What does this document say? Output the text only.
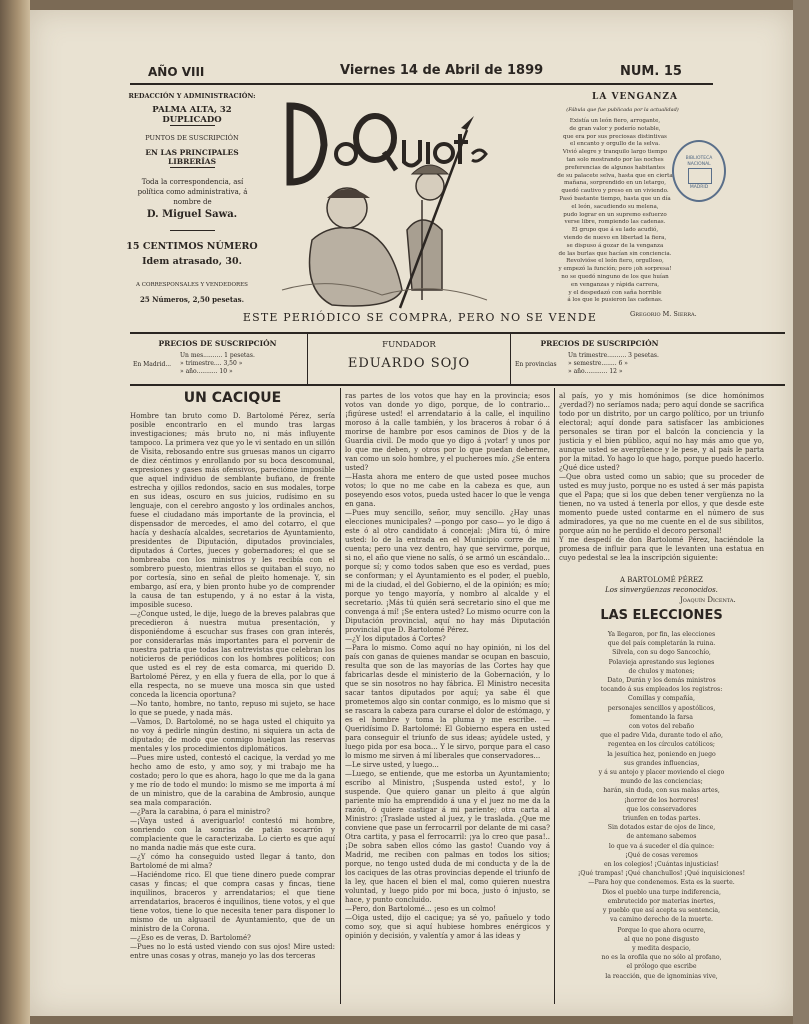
AÑO VIII	Viernes 14 de Abril de 1899	NUM. 15
REDACCIÓN Y ADMINISTRACIÓN:
PALMA ALTA, 32 DUPLICADO
PUNTOS DE SUSCRIPCIÓN
EN LAS PRINCIPALES LIBRERÍAS
Toda la correspondencia, así política como administrativa, á nombre de
D. Miguel Sawa.
15 CENTIMOS NÚMERO
Idem atrasado, 30.
A CORRESPONSALES Y VENDEDORES
25 Números, 2,50 pesetas.
LA VENGANZA
(Fábula que fue publicada por la actualidad)
Existía un león fiero, arrogante,
de gran valor y poderío notable,
que era por sus preciosas distintivas
el encanto y orgullo de la selva.
Vivió alegre y tranquilo largo tiempo
tan solo mostrando por las noches
preferencias de algunos habitantes
de su palacete selva, hasta que en cierta
mañana, sorprendido en un letargo,
quedó cautivo y preso en un viviendo.
Pasó bastante tiempo, hasta que un día
el león, sacudiendo su melena,
pudo lograr en un supremo esfuerzo
verse libre, rompiendo las cadenas.
El grupo que á su lado acudió,
viendo de nuevo en libertad la fiera,
se dispuso á gozar de la venganza
de las burlas que hacían sin conciencia.
Revolvióse el león fiero, orgulloso,
y empezó la función; pero ¡oh sorpresa!
no se quedó ninguno de los que huían
en venganzas y rápida carrera,
y el despedazó con saña horrible
á los que le pusieron las cadenas.
Gregorio M. Sierra.
BIBLIOTECA NACIONAL
MADRID
ESTE PERIÓDICO SE COMPRA, PERO NO SE VENDE
PRECIOS DE SUSCRIPCIÓN
En Madrid...
Un mes.......... 1 pesetas.
» trimestre.... 3,50 »
» año........... 10 »
FUNDADOR
EDUARDO SOJO
PRECIOS DE SUSCRIPCIÓN
En provincias
Un trimestre.......... 3 pesetas.
» semestre........ 6 »
» año............ 12 »
UN CACIQUE
Hombre tan bruto como D. Bartolomé Pérez, sería posible encontrarlo en el mundo tras largas investigaciones; más bruto no, ni más influyente tampoco. La primera vez que yo le vi sentado en un sillón de Visita, rebosando entre sus gruesas manos un cigarro de diez céntimos y enrollando por su boca descomunal, expresiones y gases más ofensivos, parecióme imposible que aquel individuo de semblante bufiano, de frente estrecha y ojillos redondos, sacio en sus modales, torpe en sus ideas, oscuro en sus juicios, rudísimo en su lenguaje, con el cerebro angosto y los ordinales anchos, fuese el ciudadano más importante de la provincia, el dispensador de mercedes, el amo del cotarro, el que hacía y deshacía alcaldes, secretarios de Ayuntamiento, presidentes de Diputación, diputados provinciales, diputados á Cortes, jueces y gobernadores; el que se hombreaba con los ministros y les recibía con el sombrero puesto, mientras ellos se quitaban el suyo, no por cortesía, sino en señal de pleito homenaje. Y, sin embargo, así era, y bien pronto hube yo de comprender la causa de tan estupendo, y á no estar á la vista, imposible suceso.
—¿Conque usted, le dije, luego de la breves palabras que precedieron á nuestra mutua presentación, y disponiéndome á escuchar sus frases con gran interés, por considerarlas más importantes para el porvenir de nuestra patria que todas las entrevistas que celebran los noticieros de periódicos con los hombres políticos; con que usted es el rey de esta comarca, mi querido D. Bartolomé Pérez, y en ella y fuera de ella, por lo que á ella respecta, no se mueve una mosca sin que usted conceda la licencia oportuna?
—No tanto, hombre, no tanto, repuso mi sujeto, se hace lo que se puede, y nada más.
—Vamos, D. Bartolomé, no se haga usted el chiquito ya no voy á pedirle ningún destino, ni siquiera un acta de diputado; de modo que conmigo huelgan las reservas mentales y los procedimientos diplomáticos.
—Pues mire usted, contestó el cacique, la verdad yo me hecho amo de esto, y amo soy, y mi trabajo me ha costado; pero lo que es ahora, hago lo que me da la gana y me río de todo el mundo: lo mismo se me importa á mí de un ministro, que de la carabina de Ambrosio, aunque sea mala comparación.
—¿Para la carabina, ó para el ministro?
—¡Vaya usted á averiguarlo! contestó mi hombre, sonriendo con la sonrisa de patán socarrón y complaciente que le caracterizaba. Lo cierto es que aquí no manda nadie más que este cura.
—¿Y cómo ha conseguido usted llegar á tanto, don Bartolomé de mi alma?
—Haciéndome rico. El que tiene dinero puede comprar casas y fincas; el que compra casas y fincas, tiene inquilinos, braceros y arrendatarios; el que tiene arrendatarios, braceros é inquilinos, tiene votos, y el que tiene votos, tiene lo que necesita tener para disponer lo mismo de un alguacil de Ayuntamiento, que de un ministro de la Corona.
—¿Eso es de veras, D. Bartolomé?
—Pues no lo está usted viendo con sus ojos! Mire usted: entre unas cosas y otras, manejo yo las dos terceras
ras partes de los votos que hay en la provincia; esos votos van donde yo digo, porque, de lo contrario... ¡figúrese usted! el arrendatario á la calle, el inquilino moroso á la calle también, y los braceros á robar ó á morirse de hambre por esos caminos de Dios y de la Guardia civil. De modo que yo digo á ¡votar! y unos por lo que me deben, y otros por lo que puedan deberme, van como un solo hombre, y el pucheroes mío. ¿Se entera usted?
—Hasta ahora me entero de que usted posee muchos votos; lo que no me cabe en la cabeza es que, aun poseyendo esos votos, pueda usted hacer lo que le venga en gana.
—Pues muy sencillo, señor, muy sencillo. ¿Hay unas elecciones municipales? —pongo por caso— yo le digo á este ó al otro candidato á concejal: ¡Mira tú, ó mire usted: lo de la entrada en el Municipio corre de mi cuenta; pero una vez dentro, hay que servirme, porque, si no, el año que viene no salís, ó se armó un escándalo... porque sí; y como todos saben que eso es verdad, pues se conforman; y el Ayuntamiento es el poder, el pueblo, mi de la ciudad, el del Gobierno, el de la opinión; es mío; porque yo tengo mayoría, y nombro al alcalde y el secretario. ¡Más tú quién será secretario sino el que me convenga á mí! ¡Se entera usted? Lo mismo ocurre con la Diputación provincial, aquí no hay más Diputación provincial que D. Bartolomé Pérez.
—¿Y los diputados á Cortes?
—Para lo mismo. Como aquí no hay opinión, ni los del país con ganas de quienes mandar se ocupan en bascuio, resulta que son de las mayorías de las Cortes hay que fabricarlas desde el ministerio de la Gobernación, y lo que se sin nosotros no hay fábrica. El Ministro necesita sacar tantos diputados por aquí; ya sabe él que prometemos algo sin contar conmigo, es lo mismo que si se rascara la cabeza para curarse el dolor de estómago, y es el hombre y toma la pluma y me escribe. —Queridísimo D. Bartolomé: El Gobierno espera en usted para conseguir el triunfo de sus ideas; ayúdele usted, y luego pida por esa boca... Y le sirvo, porque para el caso lo mismo me sirven á mí liberales que conservadores...
—Le sirve usted, y luego...
—Luego, se entiende, que me estorba un Ayuntamiento; escribo al Ministro, ¡Suspenda usted esto!, y lo suspende. Que quiero ganar un pleito á que algún pariente mío ha emprendido á una y el juez no me da la razón, ó quiere castigar á mi pariente; otra carta al Ministro: ¡Traslade usted al juez, y le traslada. ¿Que me conviene que pase un ferrocarril por delante de mi casa? Otra cartita, y pasa el ferrocarril: ¡ya lo creo que pasa!.. ¡De sobra saben ellos cómo las gasto! Cuando voy á Madrid, me reciben con palmas en todos los sitios; porque, no tengo usted duda de mi conducta y de la de los caciques de las otras provincias depende el triunfo de la ley, que hacen el bien el mal, como quieren nuestra voluntad, y luego pido por mi boca, justo ó injusto, se hace, y punto concluido.
—Pero, don Bartolomé... ¡eso es un colmo!
—Oiga usted, dijo el cacique; ya sé yo, pañuelo y todo como soy, que si aquí hubiese hombres enérgicos y opinión y decisión, y valentía y amor á las ideas y
al país, yo y mis homónimos (se dice homónimos ¿verdad?) no seríamos nada; pero aquí donde se sacrifica todo por un distrito, por un cargo político, por un triunfo electoral; aquí donde para satisfacer las ambiciones personales se tiran por el balcón la conciencia y la justicia y el bien público, aquí no hay más amo que yo, aunque usted se avergüence y le pese, y al país le parta por la mitad. Yo hago lo que hago, porque puedo hacerlo. ¿Qué dice usted?
—Que obra usted como un sabio; que su proceder de usted es muy justo, porque no es usted á ser más papista que el Papa; que si los que deben tener vergüenza no la tienen, no va usted á tenerla por ellos, y que desde este momento puede usted contarme en el número de sus admiradores, ya que no me cuente en el de sus sibilitos, porque aún no he perdido el decoro personal!
Y me despedí de don Bartolomé Pérez, haciéndole la promesa de influir para que le levanten una estatua en cuyo pedestal se lea la inscripción siguiente:
A BARTOLOMÉ PÉREZ
Los sinvergüenzas reconocidos.
Joaquín Dicenta.
LAS ELECCIONES
Ya llegaron, por fin, las elecciones
que del país completarán la ruina.
Silvela, con su dogo Sancochío,
Polavieja aprestando sus legiones
de chulos y matones;
Dato, Durán y los demás ministros
tocando á sus empleados los registros:
Comillas y compañía,
personajes sencillos y apostólicos,
fomentando la farsa
con votos del rebaño
que el padre Vida, durante todo el año,
regentea en los círculos católicos;
la jesuítica hez, poniendo en juego
sus grandes influencias,
y á su antojo y placer moviendo el ciego
mundo de las conciencias;
harán, sin duda, con sus malas artes,
¡horror de los horrores!
que los conservadores
triunfen en todas partes.
Sin dotados estar de ojos de lince,
de antemano sabemos
lo que va á suceder el día quince:
¡Qué de cosas veremos
en los colegios! ¡Cuántas injusticias!
¡Qué trampas! ¡Qué chanchullos! ¡Qué inquisiciones!
—Para hoy que condenemos. Esta es la suerte.
Dios el pueblo una turpe indiferencia,
embrutecido por materias inertes,
y pueblo que así acepta su sentencia,
va camino derecho de la muerte.
Porque lo que ahora ocurre,
al que no pone disgusto
y medita despacio,
no es la orofila que no sólo al profano,
el prólogo que escribe
la reacción, que de ignominias vive,
